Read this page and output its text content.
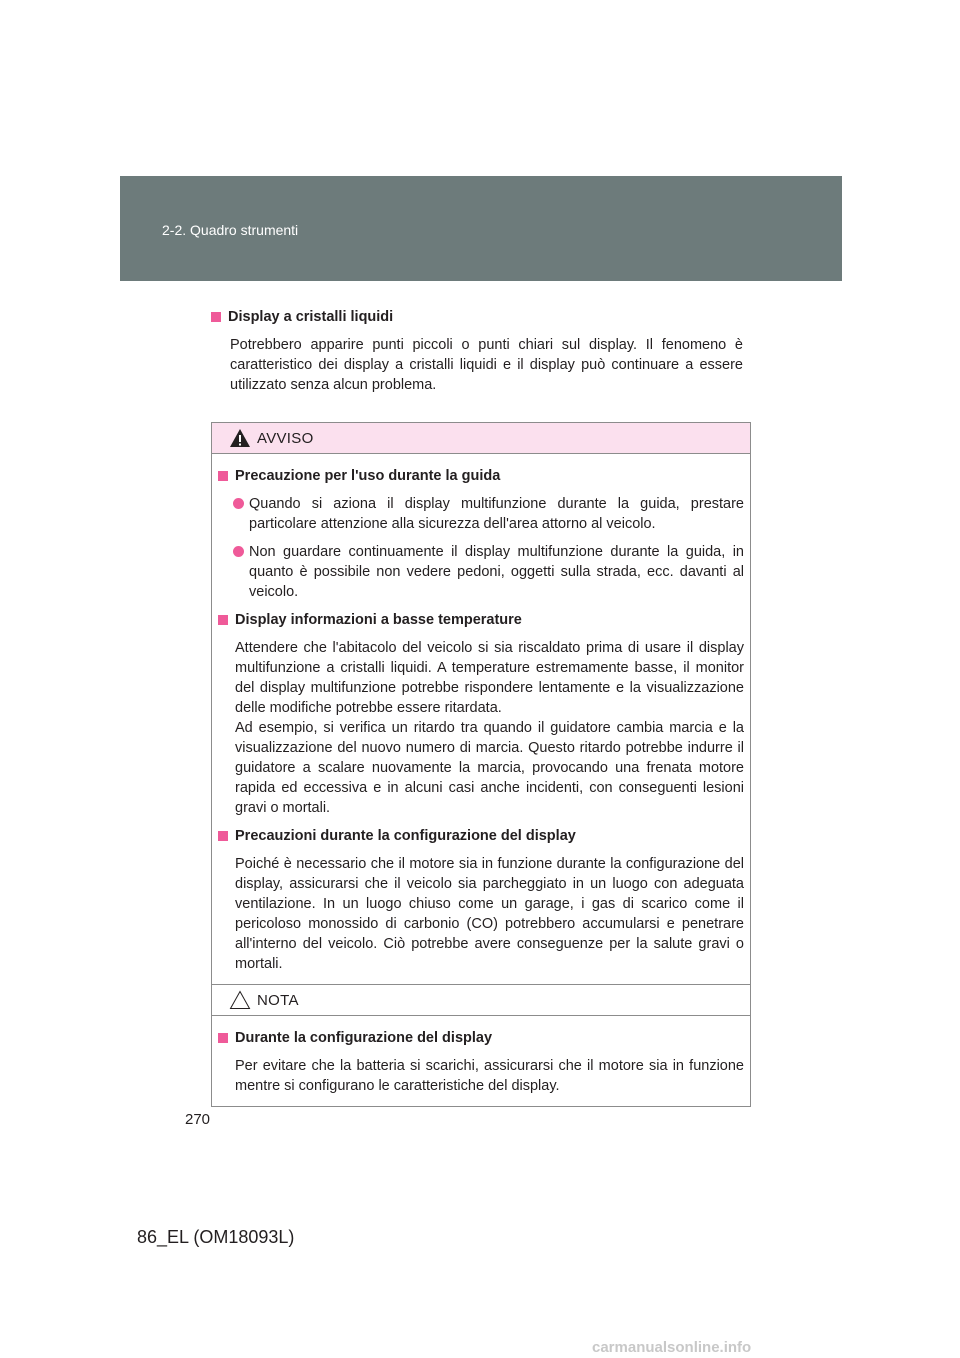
2-2. Quadro strumenti
Display a cristalli liquidi
Potrebbero apparire punti piccoli o punti chiari sul display. Il fenomeno è caratteristico dei display a cristalli liquidi e il display può continuare a essere utilizzato senza alcun problema.
AVVISO
Precauzione per l'uso durante la guida
Quando si aziona il display multifunzione durante la guida, prestare particolare attenzione alla sicurezza dell'area attorno al veicolo.
Non guardare continuamente il display multifunzione durante la guida, in quanto è possibile non vedere pedoni, oggetti sulla strada, ecc. davanti al veicolo.
Display informazioni a basse temperature
Attendere che l'abitacolo del veicolo si sia riscaldato prima di usare il display multifunzione a cristalli liquidi. A temperature estremamente basse, il monitor del display multifunzione potrebbe rispondere lentamente e la visualizzazione delle modifiche potrebbe essere ritardata.
Ad esempio, si verifica un ritardo tra quando il guidatore cambia marcia e la visualizzazione del nuovo numero di marcia. Questo ritardo potrebbe indurre il guidatore a scalare nuovamente la marcia, provocando una frenata motore rapida ed eccessiva e in alcuni casi anche incidenti, con conseguenti lesioni gravi o mortali.
Precauzioni durante la configurazione del display
Poiché è necessario che il motore sia in funzione durante la configurazione del display, assicurarsi che il veicolo sia parcheggiato in un luogo con adeguata ventilazione. In un luogo chiuso come un garage, i gas di scarico come il pericoloso monossido di carbonio (CO) potrebbero accumularsi e penetrare all'interno del veicolo. Ciò potrebbe avere conseguenze per la salute gravi o mortali.
NOTA
Durante la configurazione del display
Per evitare che la batteria si scarichi, assicurarsi che il motore sia in funzione mentre si configurano le caratteristiche del display.
270
86_EL (OM18093L)
carmanualsonline.info
